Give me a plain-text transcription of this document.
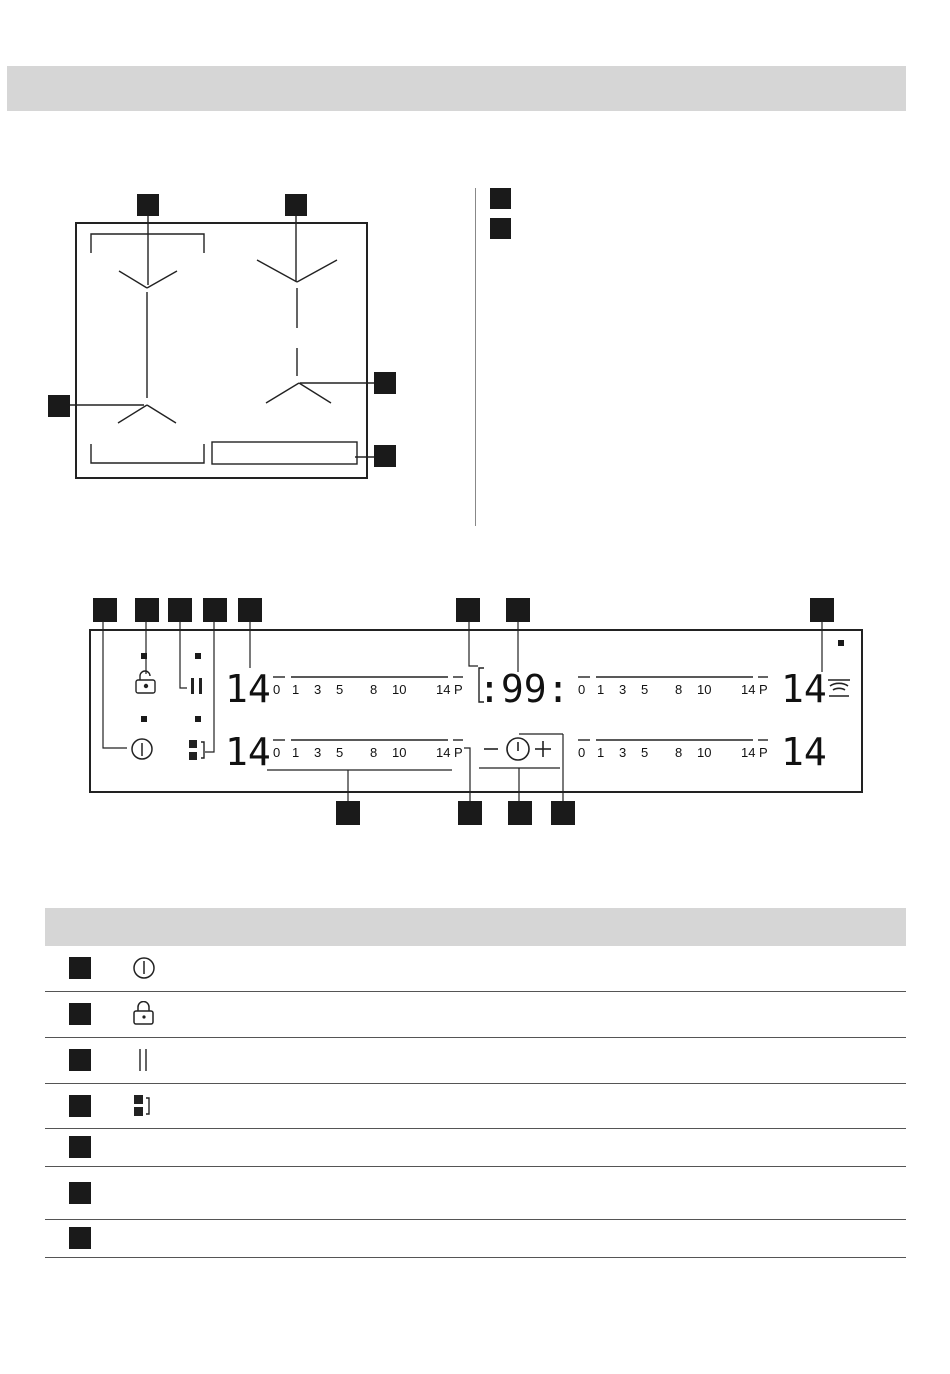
14
14
14
14
:99:
0 1 3 5 8 10 14 P
0 1 3 5 8 10 14 P
0 1 3 5 8 10 14 P
0 1 3 5 8 10 14 P
